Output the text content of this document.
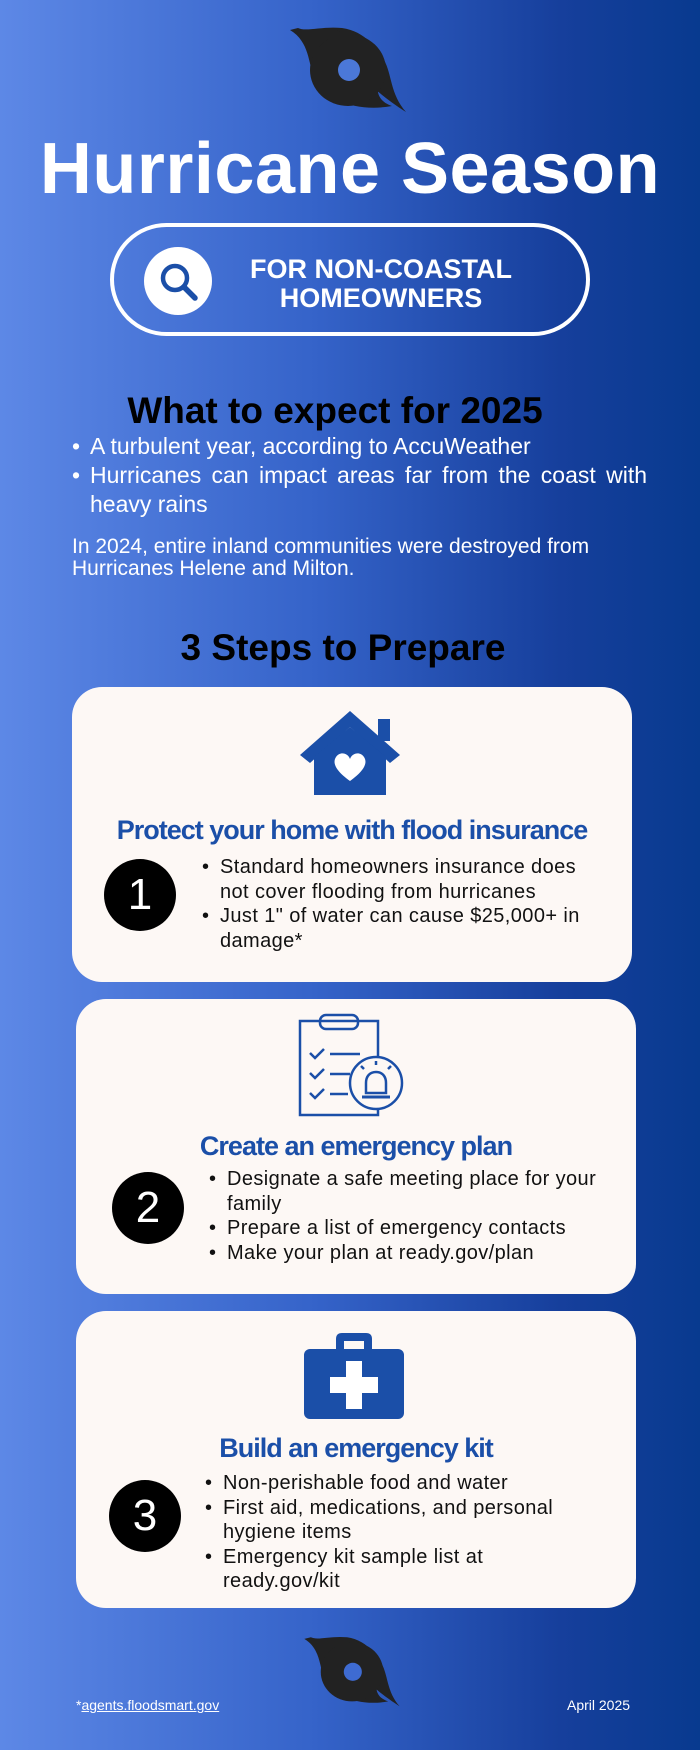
Hurricane Season
FOR NON-COASTAL
HOMEOWNERS
What to expect for 2025
• A turbulent year, according to AccuWeather
• Hurricanes can impact areas far from the coast with heavy rains
In 2024, entire inland communities were destroyed from Hurricanes Helene and Milton.
3 Steps to Prepare
Protect your home with flood insurance
1
• Standard homeowners insurance does not cover flooding from hurricanes
• Just 1" of water can cause $25,000+ in damage*
Create an emergency plan
2
• Designate a safe meeting place for your family
• Prepare a list of emergency contacts
• Make your plan at ready.gov/plan
Build an emergency kit
3
• Non-perishable food and water
• First aid, medications, and personal hygiene items
• Emergency kit sample list at ready.gov/kit
*agents.floodsmart.gov	April 2025
